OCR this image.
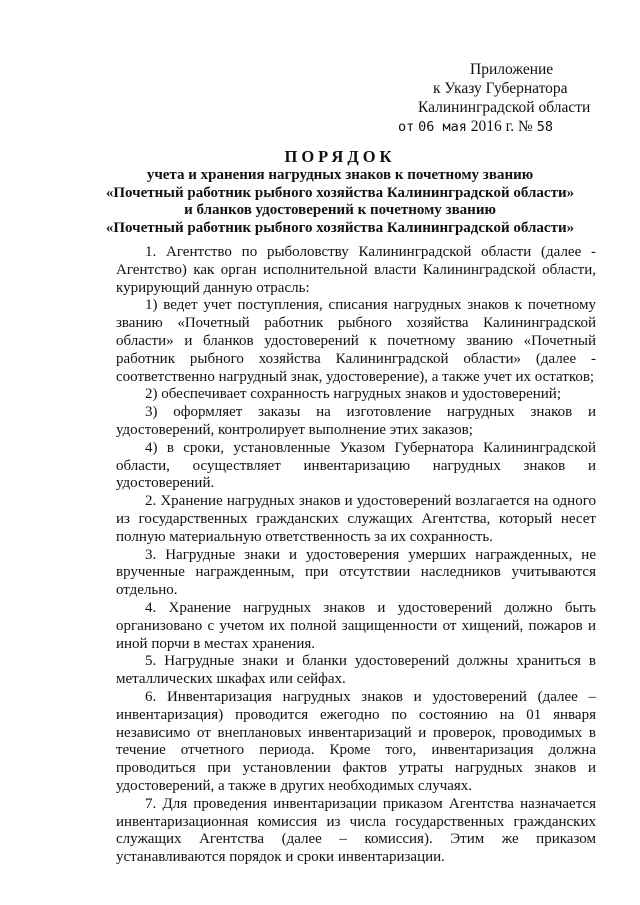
Приложение
к Указу Губернатора
Калининградской области
от 06 мая 2016 г. № 58
ПОРЯДОК
учета и хранения нагрудных знаков к почетному званию
«Почетный работник рыбного хозяйства Калининградской области»
и бланков удостоверений к почетному званию
«Почетный работник рыбного хозяйства Калининградской области»

1. Агентство по рыболовству Калининградской области (далее - Агентство) как орган исполнительной власти Калининградской области, курирующий данную отрасль:

1) ведет учет поступления, списания нагрудных знаков к почетному званию «Почетный работник рыбного хозяйства Калининградской области» и бланков удостоверений к почетному званию «Почетный работник рыбного хозяйства Калининградской области» (далее - соответственно нагрудный знак, удостоверение), а также учет их остатков;

2) обеспечивает сохранность нагрудных знаков и удостоверений;

3) оформляет заказы на изготовление нагрудных знаков и удостоверений, контролирует выполнение этих заказов;

4) в сроки, установленные Указом Губернатора Калининградской области, осуществляет инвентаризацию нагрудных знаков и удостоверений.

2. Хранение нагрудных знаков и удостоверений возлагается на одного из государственных гражданских служащих Агентства, который несет полную материальную ответственность за их сохранность.

3. Нагрудные знаки и удостоверения умерших награжденных, не врученные награжденным, при отсутствии наследников учитываются отдельно.

4. Хранение нагрудных знаков и удостоверений должно быть организовано с учетом их полной защищенности от хищений, пожаров и иной порчи в местах хранения.

5. Нагрудные знаки и бланки удостоверений должны храниться в металлических шкафах или сейфах.

6. Инвентаризация нагрудных знаков и удостоверений (далее – инвентаризация) проводится ежегодно по состоянию на 01 января независимо от внеплановых инвентаризаций и проверок, проводимых в течение отчетного периода. Кроме того, инвентаризация должна проводиться при установлении фактов утраты нагрудных знаков и удостоверений, а также в других необходимых случаях.

7. Для проведения инвентаризации приказом Агентства назначается инвентаризационная комиссия из числа государственных гражданских служащих Агентства (далее – комиссия). Этим же приказом устанавливаются порядок и сроки инвентаризации.
